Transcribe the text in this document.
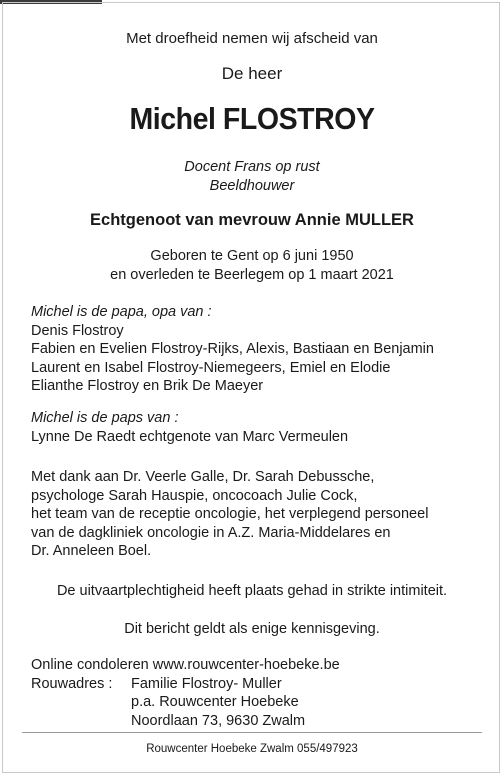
Met droefheid nemen wij afscheid van
De heer
Michel FLOSTROY
Docent Frans op rust
Beeldhouwer
Echtgenoot van mevrouw Annie MULLER
Geboren te Gent op 6 juni 1950
en overleden te Beerlegem op 1 maart 2021
Michel is de papa, opa van :
Denis Flostroy
Fabien en Evelien Flostroy-Rijks, Alexis, Bastiaan en Benjamin
Laurent en Isabel Flostroy-Niemegeers, Emiel en Elodie
Elianthe Flostroy en Brik De Maeyer
Michel is de paps van :
Lynne De Raedt echtgenote van Marc Vermeulen
Met dank aan Dr. Veerle Galle, Dr. Sarah Debussche,
psychologe Sarah Hauspie, oncocoach Julie Cock,
het team van de receptie oncologie, het verplegend personeel
van de dagkliniek oncologie in A.Z. Maria-Middelares en
Dr. Anneleen Boel.
De uitvaartplechtigheid heeft plaats gehad in strikte intimiteit.
Dit bericht geldt als enige kennisgeving.
Online condoleren www.rouwcenter-hoebeke.be
Rouwadres :	Familie Flostroy- Muller
p.a. Rouwcenter Hoebeke
Noordlaan 73, 9630 Zwalm
Rouwcenter Hoebeke Zwalm 055/497923
